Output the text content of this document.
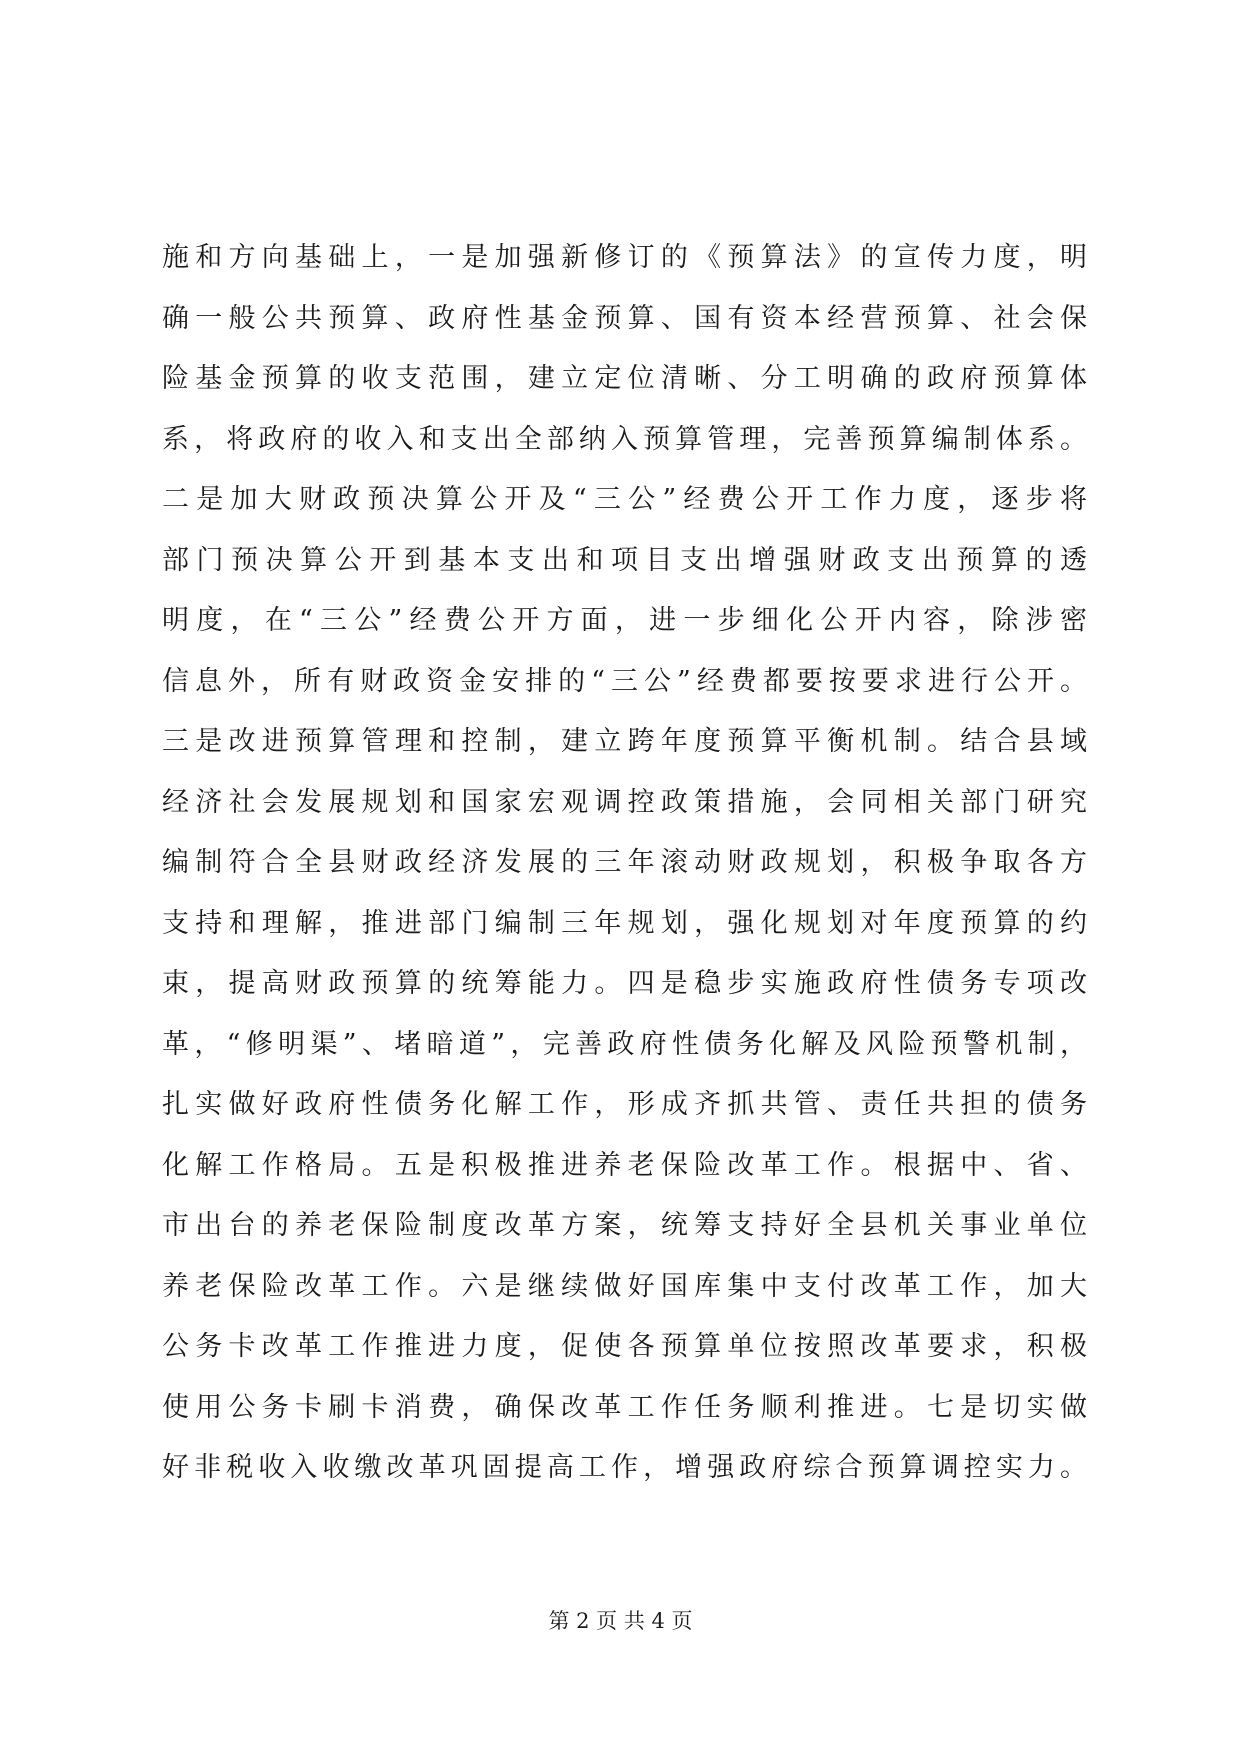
施和方向基础上，一是加强新修订的《预算法》的宣传力度，明
确一般公共预算、政府性基金预算、国有资本经营预算、社会保
险基金预算的收支范围，建立定位清晰、分工明确的政府预算体
系，将政府的收入和支出全部纳入预算管理，完善预算编制体系。
二是加大财政预决算公开及“三公”经费公开工作力度，逐步将
部门预决算公开到基本支出和项目支出增强财政支出预算的透
明度，在“三公”经费公开方面，进一步细化公开内容，除涉密
信息外，所有财政资金安排的“三公”经费都要按要求进行公开。
三是改进预算管理和控制，建立跨年度预算平衡机制。结合县域
经济社会发展规划和国家宏观调控政策措施，会同相关部门研究
编制符合全县财政经济发展的三年滚动财政规划，积极争取各方
支持和理解，推进部门编制三年规划，强化规划对年度预算的约
束，提高财政预算的统筹能力。四是稳步实施政府性债务专项改
革，“修明渠”、堵暗道”，完善政府性债务化解及风险预警机制，
扎实做好政府性债务化解工作，形成齐抓共管、责任共担的债务
化解工作格局。五是积极推进养老保险改革工作。根据中、省、
市出台的养老保险制度改革方案，统筹支持好全县机关事业单位
养老保险改革工作。六是继续做好国库集中支付改革工作，加大
公务卡改革工作推进力度，促使各预算单位按照改革要求，积极
使用公务卡刷卡消费，确保改革工作任务顺利推进。七是切实做
好非税收入收缴改革巩固提高工作，增强政府综合预算调控实力。
第 2 页 共 4 页
